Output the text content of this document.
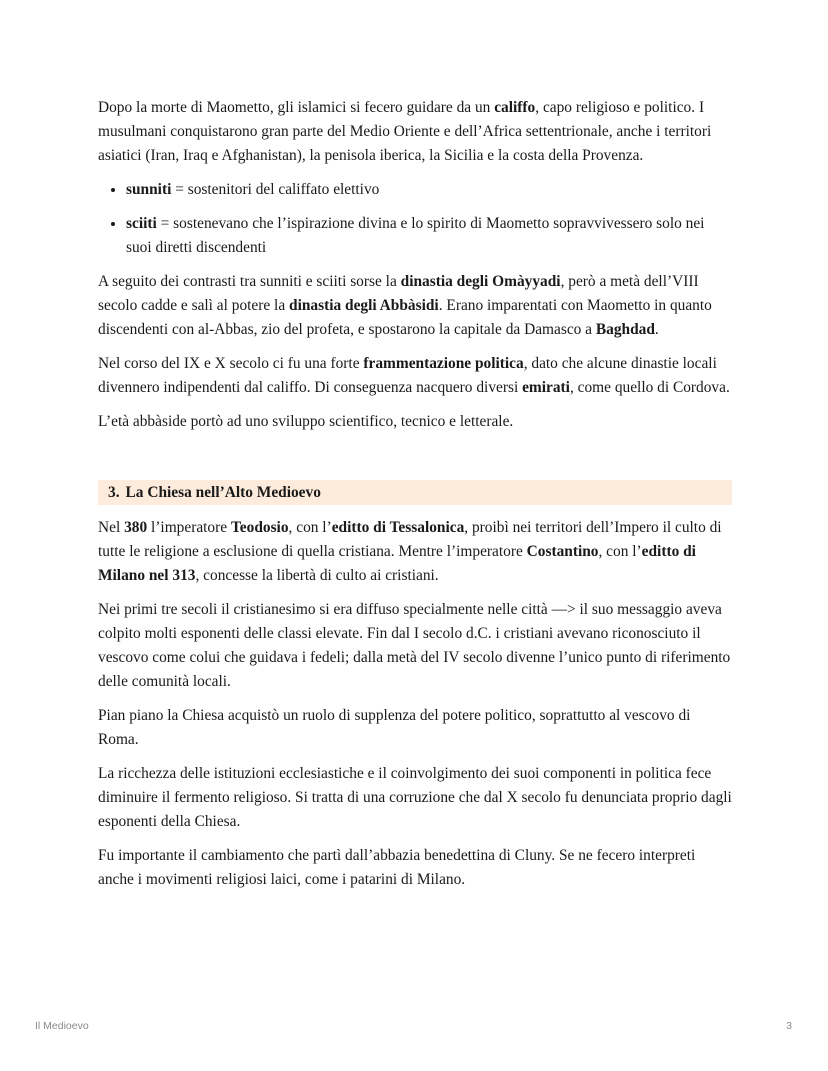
Dopo la morte di Maometto, gli islamici si fecero guidare da un califfo, capo religioso e politico. I musulmani conquistarono gran parte del Medio Oriente e dell’Africa settentrionale, anche i territori asiatici (Iran, Iraq e Afghanistan), la penisola iberica, la Sicilia e la costa della Provenza.

• sunniti = sostenitori del califfato elettivo
• sciiti = sostenevano che l’ispirazione divina e lo spirito di Maometto sopravvivessero solo nei suoi diretti discendenti

A seguito dei contrasti tra sunniti e sciiti sorse la dinastia degli Omàyyadi, però a metà dell’VIII secolo cadde e salì al potere la dinastia degli Abbàsidi. Erano imparentati con Maometto in quanto discendenti con al-Abbas, zio del profeta, e spostarono la capitale da Damasco a Baghdad.

Nel corso del IX e X secolo ci fu una forte frammentazione politica, dato che alcune dinastie locali divennero indipendenti dal califfo. Di conseguenza nacquero diversi emirati, come quello di Cordova.

L’età abbàside portò ad uno sviluppo scientifico, tecnico e letterale.

3. La Chiesa nell’Alto Medioevo

Nel 380 l’imperatore Teodosio, con l’editto di Tessalonica, proibì nei territori dell’Impero il culto di tutte le religione a esclusione di quella cristiana. Mentre l’imperatore Costantino, con l’editto di Milano nel 313, concesse la libertà di culto ai cristiani.

Nei primi tre secoli il cristianesimo si era diffuso specialmente nelle città —> il suo messaggio aveva colpito molti esponenti delle classi elevate. Fin dal I secolo d.C. i cristiani avevano riconosciuto il vescovo come colui che guidava i fedeli; dalla metà del IV secolo divenne l’unico punto di riferimento delle comunità locali.

Pian piano la Chiesa acquistò un ruolo di supplenza del potere politico, soprattutto al vescovo di Roma.

La ricchezza delle istituzioni ecclesiastiche e il coinvolgimento dei suoi componenti in politica fece diminuire il fermento religioso. Si tratta di una corruzione che dal X secolo fu denunciata proprio dagli esponenti della Chiesa.

Fu importante il cambiamento che partì dall’abbazia benedettina di Cluny. Se ne fecero interpreti anche i movimenti religiosi laici, come i patarini di Milano.

Il Medioevo	3
